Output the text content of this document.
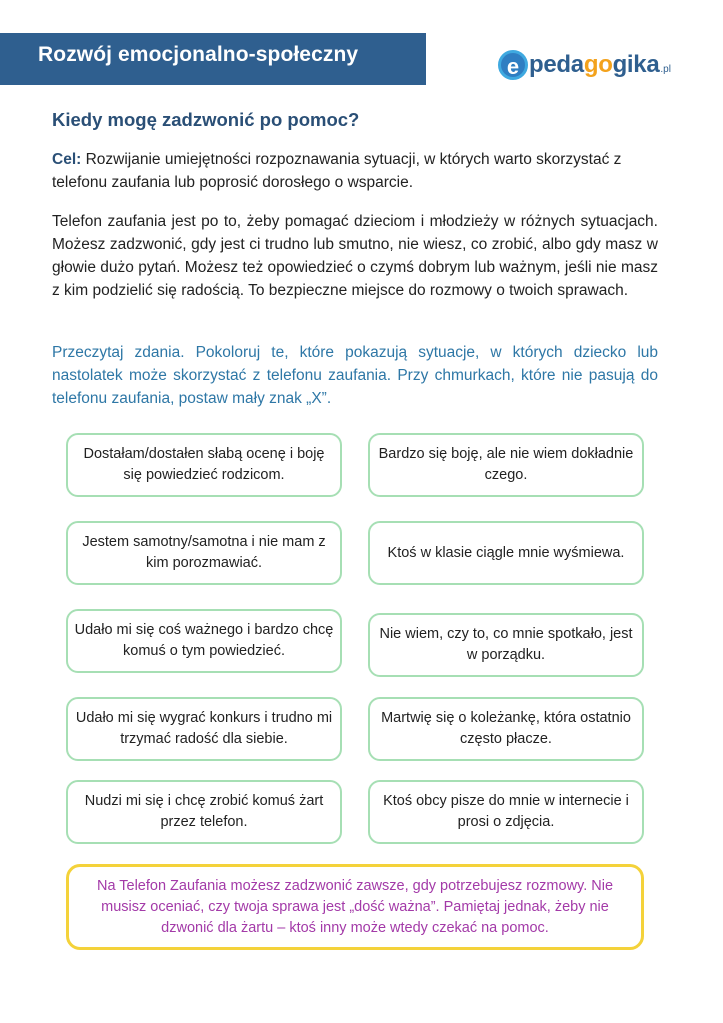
Rozwój emocjonalno-społeczny	e pedagogika .pl
Kiedy mogę zadzwonić po pomoc?
Cel: Rozwijanie umiejętności rozpoznawania sytuacji, w których warto skorzystać z telefonu zaufania lub poprosić dorosłego o wsparcie.
Telefon zaufania jest po to, żeby pomagać dzieciom i młodzieży w różnych sytuacjach. Możesz zadzwonić, gdy jest ci trudno lub smutno, nie wiesz, co zrobić, albo gdy masz w głowie dużo pytań. Możesz też opowiedzieć o czymś dobrym lub ważnym, jeśli nie masz z kim podzielić się radością. To bezpieczne miejsce do rozmowy o twoich sprawach.
Przeczytaj zdania. Pokoloruj te, które pokazują sytuacje, w których dziecko lub nastolatek może skorzystać z telefonu zaufania. Przy chmurkach, które nie pasują do telefonu zaufania, postaw mały znak „X”.
Dostałam/dostałen słabą ocenę i boję się powiedzieć rodzicom.
Bardzo się boję, ale nie wiem dokładnie czego.
Jestem samotny/samotna i nie mam z kim porozmawiać.
Ktoś w klasie ciągle mnie wyśmiewa.
Udało mi się coś ważnego i bardzo chcę komuś o tym powiedzieć.
Nie wiem, czy to, co mnie spotkało, jest w porządku.
Udało mi się wygrać konkurs i trudno mi trzymać radość dla siebie.
Martwię się o koleżankę, która ostatnio często płacze.
Nudzi mi się i chcę zrobić komuś żart przez telefon.
Ktoś obcy pisze do mnie w internecie i prosi o zdjęcia.
Na Telefon Zaufania możesz zadzwonić zawsze, gdy potrzebujesz rozmowy. Nie musisz oceniać, czy twoja sprawa jest „dość ważna”. Pamiętaj jednak, żeby nie dzwonić dla żartu – ktoś inny może wtedy czekać na pomoc.
